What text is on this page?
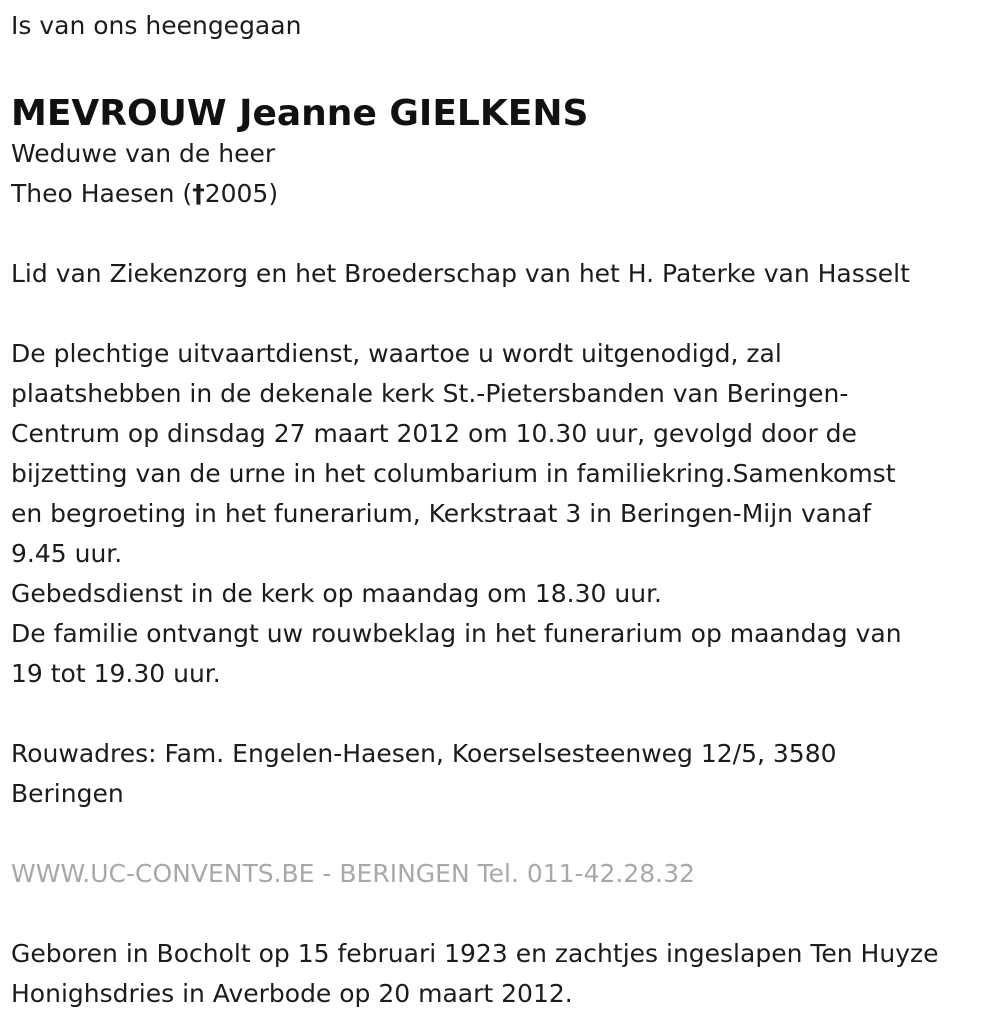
Is van ons heengegaan
MEVROUW Jeanne GIELKENS
Weduwe van de heer
Theo Haesen (†2005)
Lid van Ziekenzorg en het Broederschap van het H. Paterke van Hasselt
De plechtige uitvaartdienst, waartoe u wordt uitgenodigd, zal
plaatshebben in de dekenale kerk St.-Pietersbanden van Beringen-
Centrum op dinsdag 27 maart 2012 om 10.30 uur, gevolgd door de
bijzetting van de urne in het columbarium in familiekring.Samenkomst
en begroeting in het funerarium, Kerkstraat 3 in Beringen-Mijn vanaf
9.45 uur.
Gebedsdienst in de kerk op maandag om 18.30 uur.
De familie ontvangt uw rouwbeklag in het funerarium op maandag van
19 tot 19.30 uur.
Rouwadres: Fam. Engelen-Haesen, Koerselsesteenweg 12/5, 3580
Beringen
WWW.UC-CONVENTS.BE - BERINGEN Tel. 011-42.28.32
Geboren in Bocholt op 15 februari 1923 en zachtjes ingeslapen Ten Huyze
Honighsdries in Averbode op 20 maart 2012.
